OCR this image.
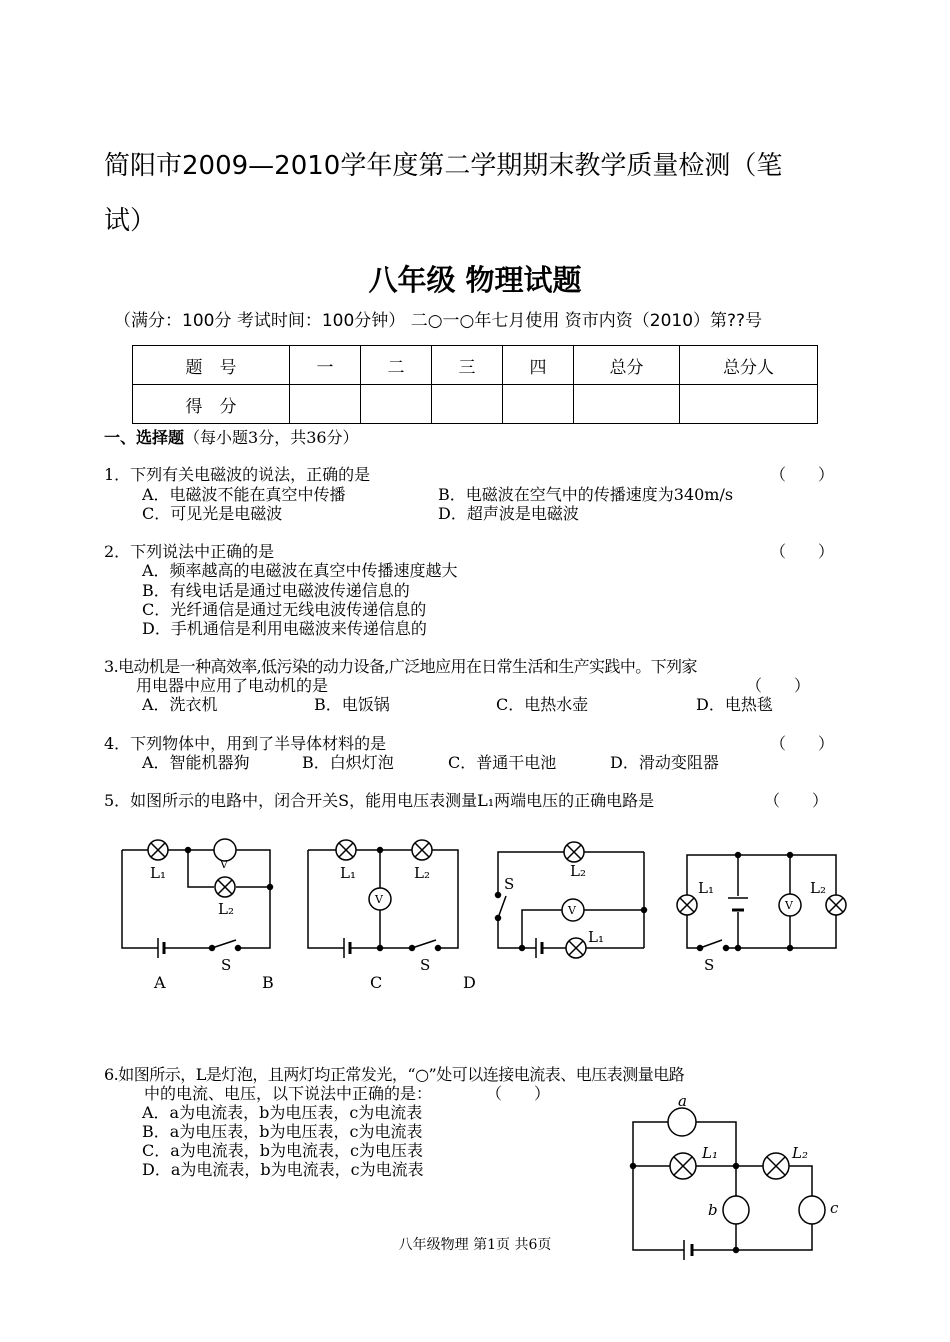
简阳市2009—2010学年度第二学期期末教学质量检测（笔
试）
八年级 物理试题
（满分：100分 考试时间：100分钟） 二○一○年七月使用 资市内资（2010）第??号
题　号	一	二	三	四	总分	总分人
得　分						
一、选择题（每小题3分，共36分）
1．下列有关电磁波的说法，正确的是	（　　）
A．电磁波不能在真空中传播	B．电磁波在空气中的传播速度为340m/s
C．可见光是电磁波	D．超声波是电磁波
2．下列说法中正确的是	（　　）
A．频率越高的电磁波在真空中传播速度越大
B．有线电话是通过电磁波传递信息的
C．光纤通信是通过无线电波传递信息的
D．手机通信是利用电磁波来传递信息的
3.电动机是一种高效率,低污染的动力设备,广泛地应用在日常生活和生产实践中。下列家
用电器中应用了电动机的是	（　　）
A．洗衣机	B．电饭锅	C．电热水壶	D．电热毯
4．下列物体中，用到了半导体材料的是	（　　）
A．智能机器狗	B．白炽灯泡	C．普通干电池	D．滑动变阻器
5．如图所示的电路中，闭合开关S，能用电压表测量L₁两端电压的正确电路是	（　　）
L₁
L₂
V
S
L₁	L₂
V
S
S
L₂
V
L₁
L₁	L₂
V
S
A	B	C	D
6.如图所示，L是灯泡，且两灯均正常发光，“○”处可以连接电流表、电压表测量电路
中的电流、电压，以下说法中正确的是：	（　　）
A．a为电流表，b为电压表，c为电流表
B．a为电压表，b为电压表，c为电流表
C．a为电流表，b为电流表，c为电压表
D．a为电流表，b为电流表，c为电流表
a
L₁	L₂
b	c
八年级物理 第1页 共6页
